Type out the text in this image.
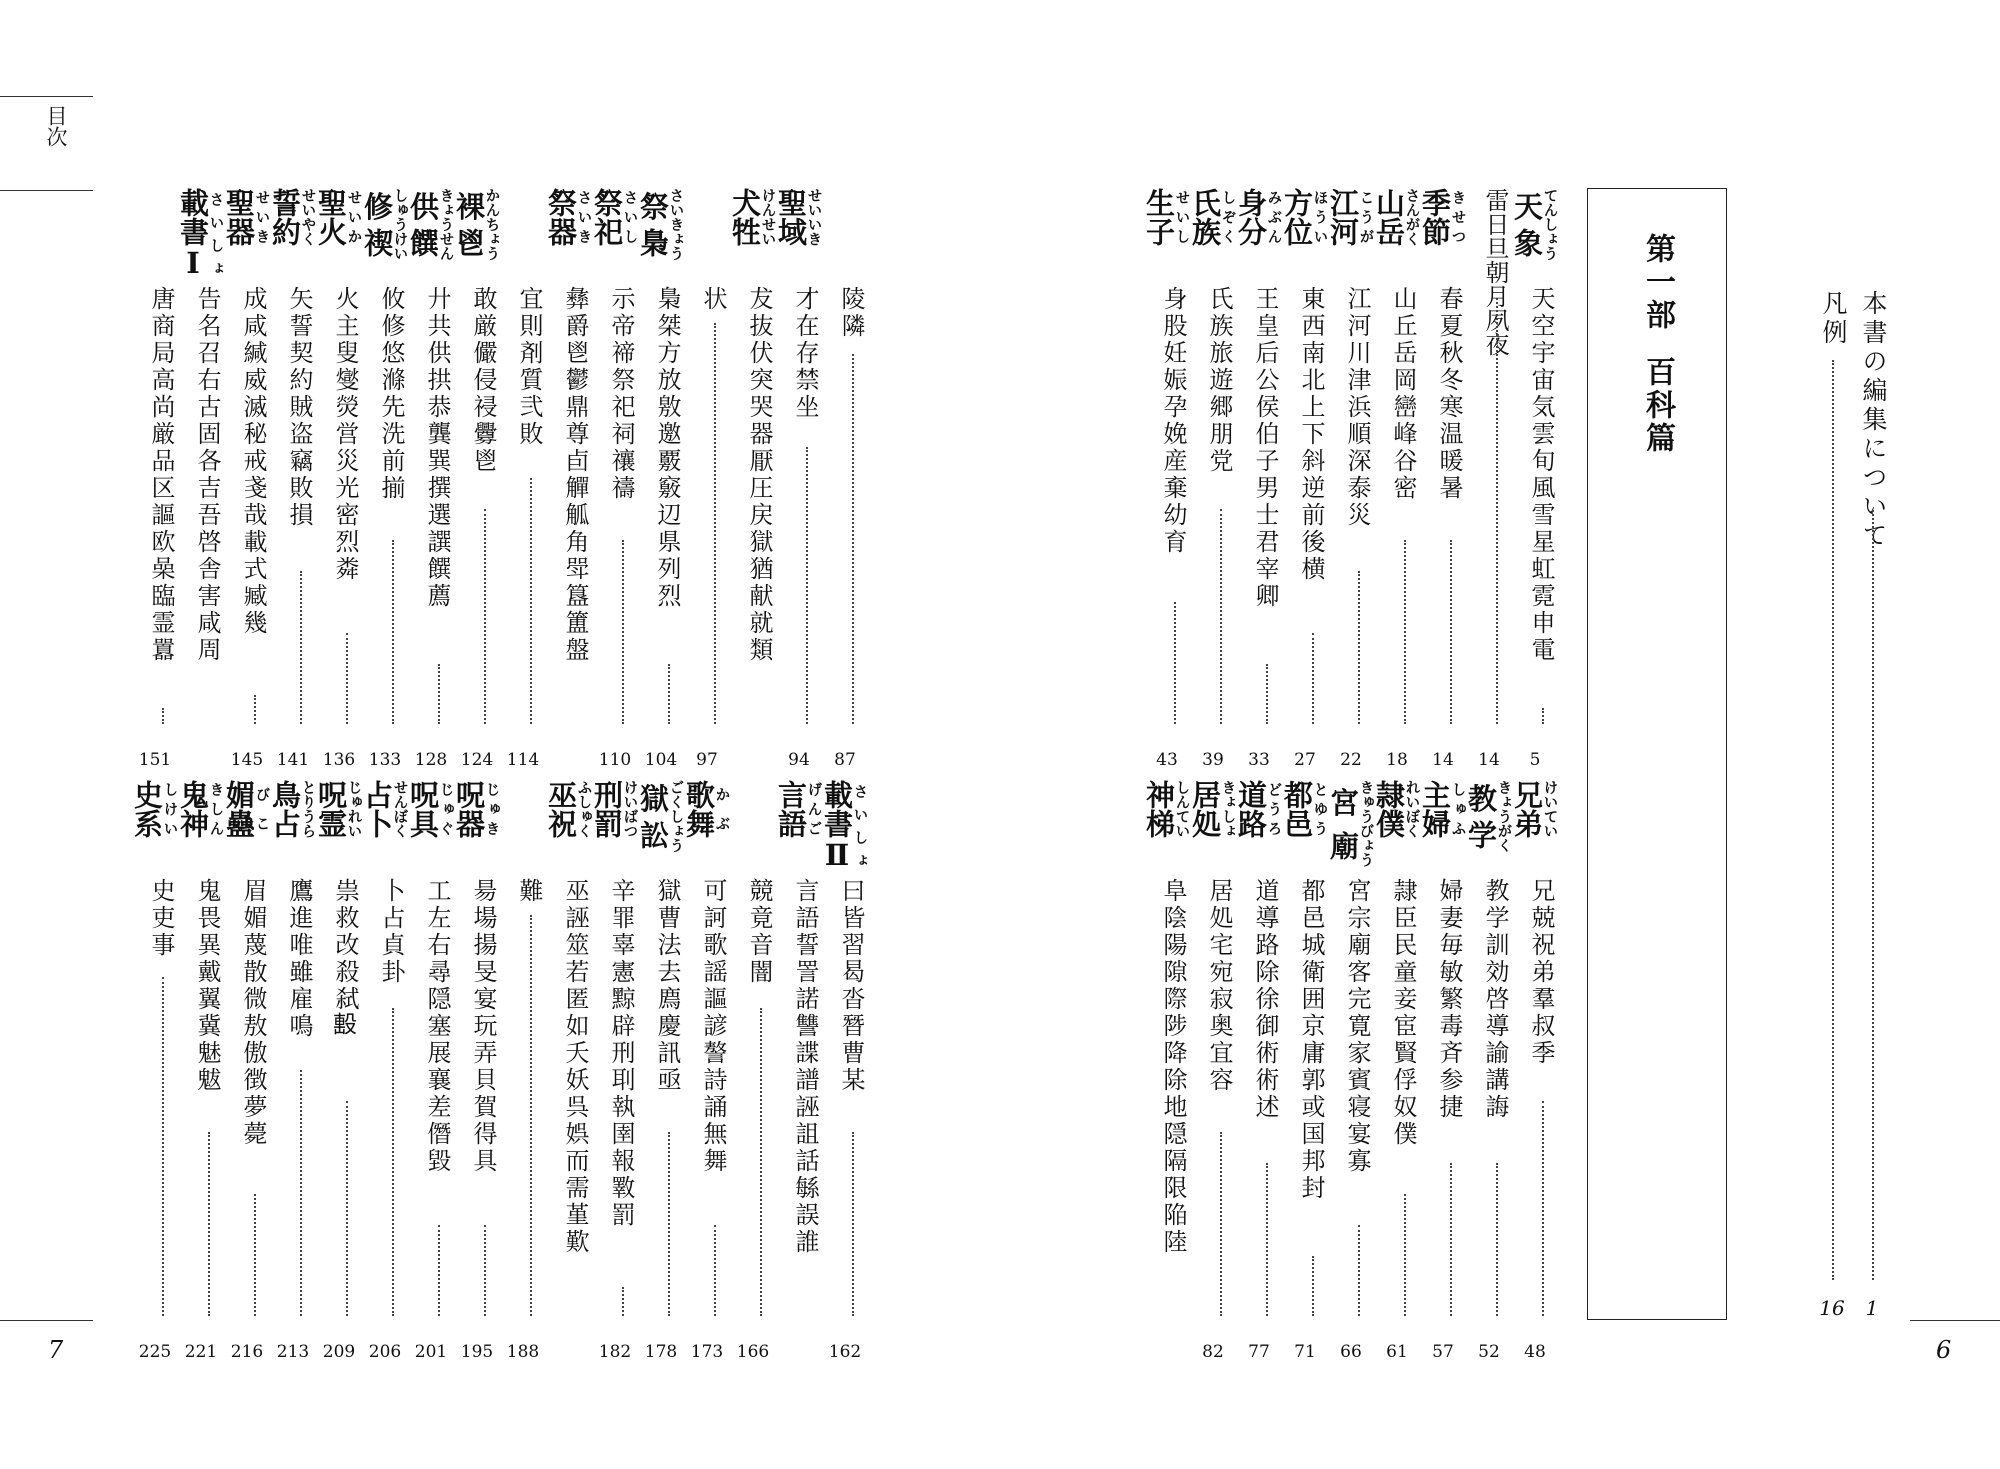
目次
7	6
本書の編集について
1
凡例
16
第一部百科篇
天象てんしょう
天空宇宙気雲旬風雪星虹霓申電
5
雷日旦朝月夙夜
14
季節きせつ
春夏秋冬寒温暖暑
14
山岳さんがく
山丘岳岡巒峰谷密
18
江河こうが
江河川津浜順深泰災
22
方位ほうい
東西南北上下斜逆前後横
27
身分みぶん
王皇后公侯伯子男士君宰卿
33
氏族しぞく
氏族旅遊郷朋党
39
生子せいし
身股妊娠孕娩産棄幼育
43
兄弟けいてい
兄兢祝弟羣叔季
48
教学きょうがく
教学訓効啓導諭講誨
52
主婦しゅふ
婦妻毎敏繁毒斉参捷
57
隷僕れいぼく
隷臣民童妾宦賢俘奴僕
61
宮廟きゅうびょう
宮宗廟客完寛家賓寝宴寡
66
都邑とゆう
都邑城衛囲京庸郭或国邦封
71
道路どうろ
道導路除徐御術術述
77
居処きょしょ
居処宅宛寂奥宜容
82
神梯しんてい
阜陰陽隙際陟降除地隠隔限陥陸
陵隣
87
聖域せいいき
才在存禁坐
94
犬牲けんせい
犮抜伏突哭器厭圧戻獄猶献就類
状
97
祭梟さいきょう
梟桀方放敫邀覈竅辺県列烈
104
祭祀さいし
示帝禘祭祀祠禳禱
110
祭器さいき
彝爵鬯鬱鼎尊卣觶觚角斝簋簠盤
宜則剤質弐敗
114
裸鬯かんちょう
敢厳儼侵祲釁鬯
124
供饌きょうせん
廾共供拱恭龔巽撰選譔饌薦
128
修禊しゅうけい
攸修悠滌先洗前揃
133
聖火せいか
火主叟燮熒営災光密烈粦
136
誓約せいやく
矢誓契約賊盗竊敗損
141
聖器せいき
成咸緘威滅秘戒戔哉載式臧幾
145
載書Ⅰさいしょ
告名召右古固各吉吾啓舎害咸周
唐商局高尚厳品区謳欧喿臨霊囂
151
載書Ⅱさいしょ
曰皆習曷沓朁曹某
162
言語げんご
言語誓詈諾讐諜譜誣詛話緐誤誰
競竟音闇
166
歌舞かぶ
可訶歌謡謳諺謷詩誦無舞
173
獄訟ごくしょう
獄曹法去廌慶訊亟
178
刑罰けいばつ
辛罪辜憲黥辟刑刵執圉報斁罰
182
巫祝ふしゅく
巫誣筮若匿如夭妖呉娯而需堇歎
難
188
呪器じゅき
昜場揚旻宴玩弄貝賀得具
195
呪具じゅぐ
工左右尋隠塞展襄差僭毀
201
占卜せんぼく
卜占貞卦
206
呪霊じゅれい
祟救改殺弑𣪠
209
鳥占とりうら
鷹進唯雖雇鳴
213
媚蠱びこ
眉媚蔑散微敖傲徴夢薨
216
鬼神きしん
鬼畏異戴翼冀魅魃
221
史系しけい
史吏事
225
